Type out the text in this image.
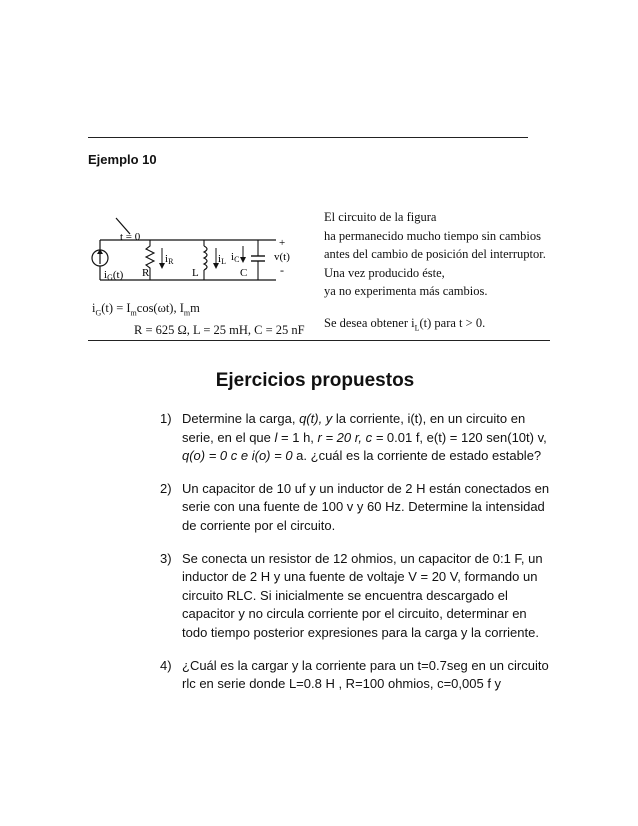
Ejemplo 10
t = 0
iG(t) R
iR
L
iL iC
C
+
v(t)
-
El circuito de la figura
ha permanecido mucho tiempo sin cambios
antes del cambio de posición del interruptor.
Una vez producido éste,
ya no experimenta más cambios.
$i_G(t) = I_m\cos(\omega t)$, $I_mm$
R = 625 Ω, L = 25 mH, C = 25 nF Se desea obtener $i_L(t)$ para t > 0.
Ejercicios propuestos
1) Determine la carga, q(t), y la corriente, i(t), en un circuito en serie, en el que l = 1 h, r = 20 r, c = 0.01 f, e(t) = 120 sen(10t) v, q(o) = 0 c e i(o) = 0 a. ¿cuál es la corriente de estado estable?
2) Un capacitor de 10 uf y un inductor de 2 H están conectados en serie con una fuente de 100 v y 60 Hz. Determine la intensidad de corriente por el circuito.
3) Se conecta un resistor de 12 ohmios, un capacitor de 0:1 F, un inductor de 2 H y una fuente de voltaje V = 20 V, formando un circuito RLC. Si inicialmente se encuentra descargado el capacitor y no circula corriente por el circuito, determinar en todo tiempo posterior expresiones para la carga y la corriente.
4) ¿Cuál es la cargar y la corriente para un t=0.7seg en un circuito rlc en serie donde L=0.8 H , R=100 ohmios, c=0,005 f y
